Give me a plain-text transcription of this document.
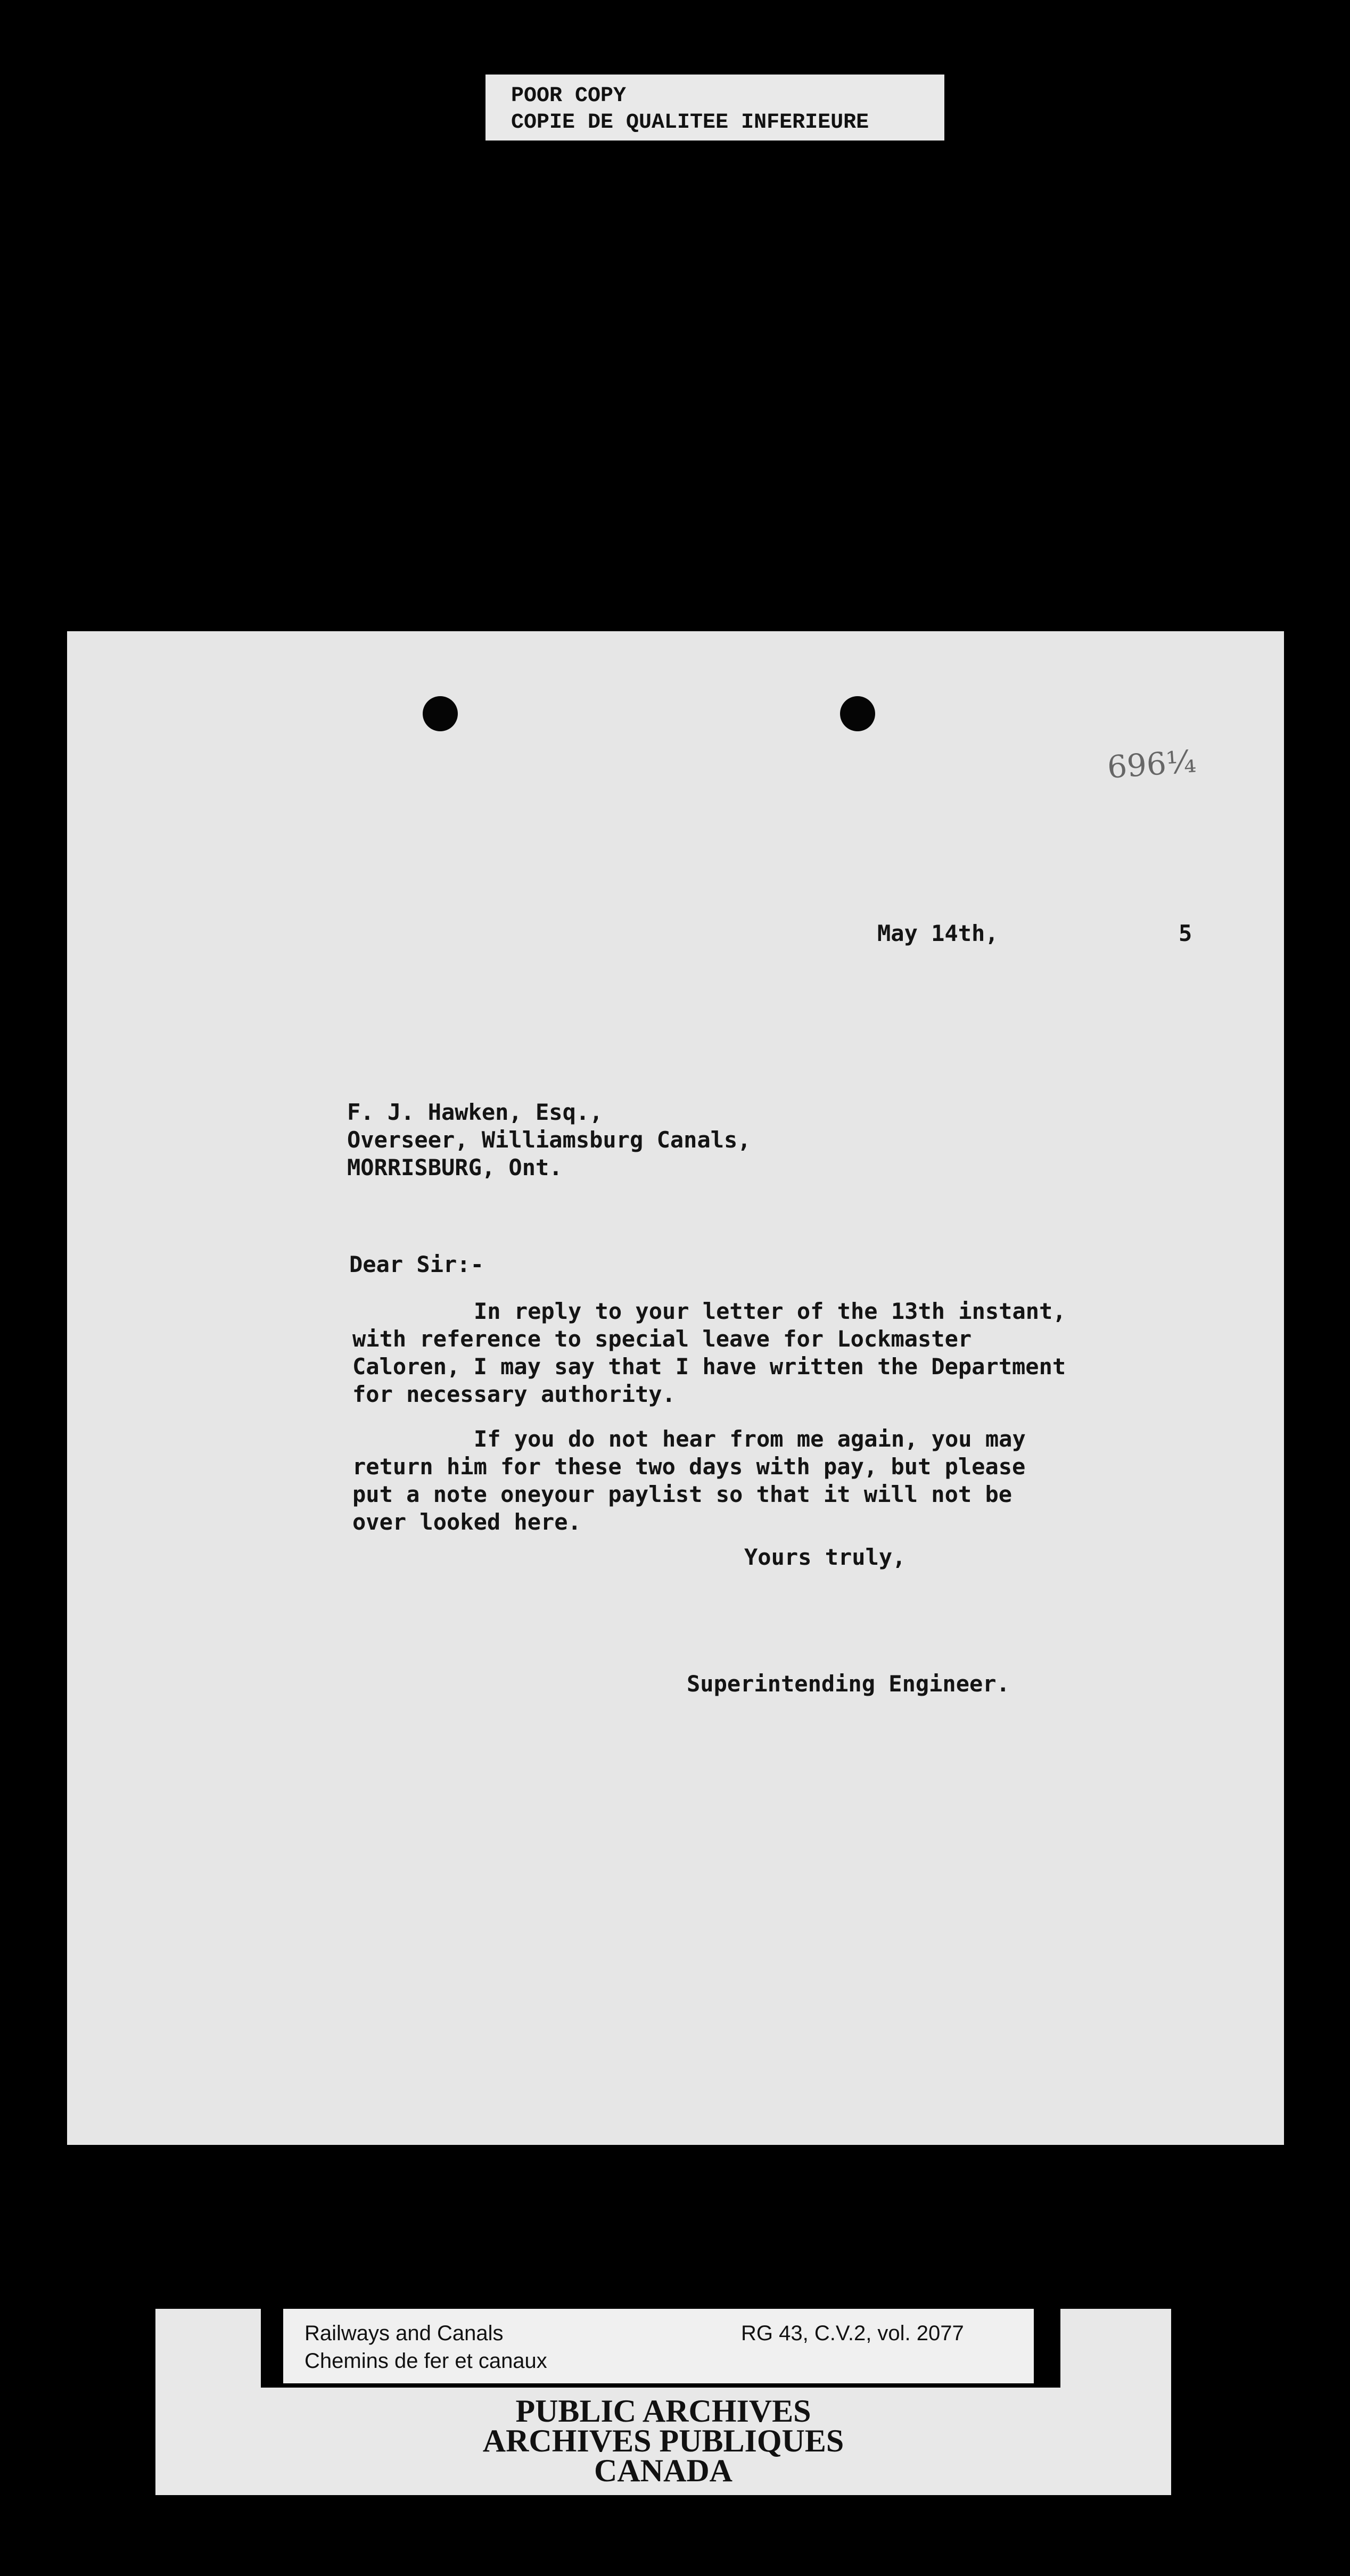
POOR COPY
COPIE DE QUALITEE INFERIEURE
696¼
May 14th,	5
F. J. Hawken, Esq.,
Overseer, Williamsburg Canals,
MORRISBURG, Ont.
Dear Sir:-
In reply to your letter of the 13th instant,
with reference to special leave for Lockmaster
Caloren, I may say that I have written the Department
for necessary authority.
If you do not hear from me again, you may
return him for these two days with pay, but please
put a note oneyour paylist so that it will not be
over looked here.
Yours truly,
Superintending Engineer.
Railways and Canals
Chemins de fer et canaux
RG 43, C.V.2, vol. 2077
PUBLIC ARCHIVES
ARCHIVES PUBLIQUES
CANADA
